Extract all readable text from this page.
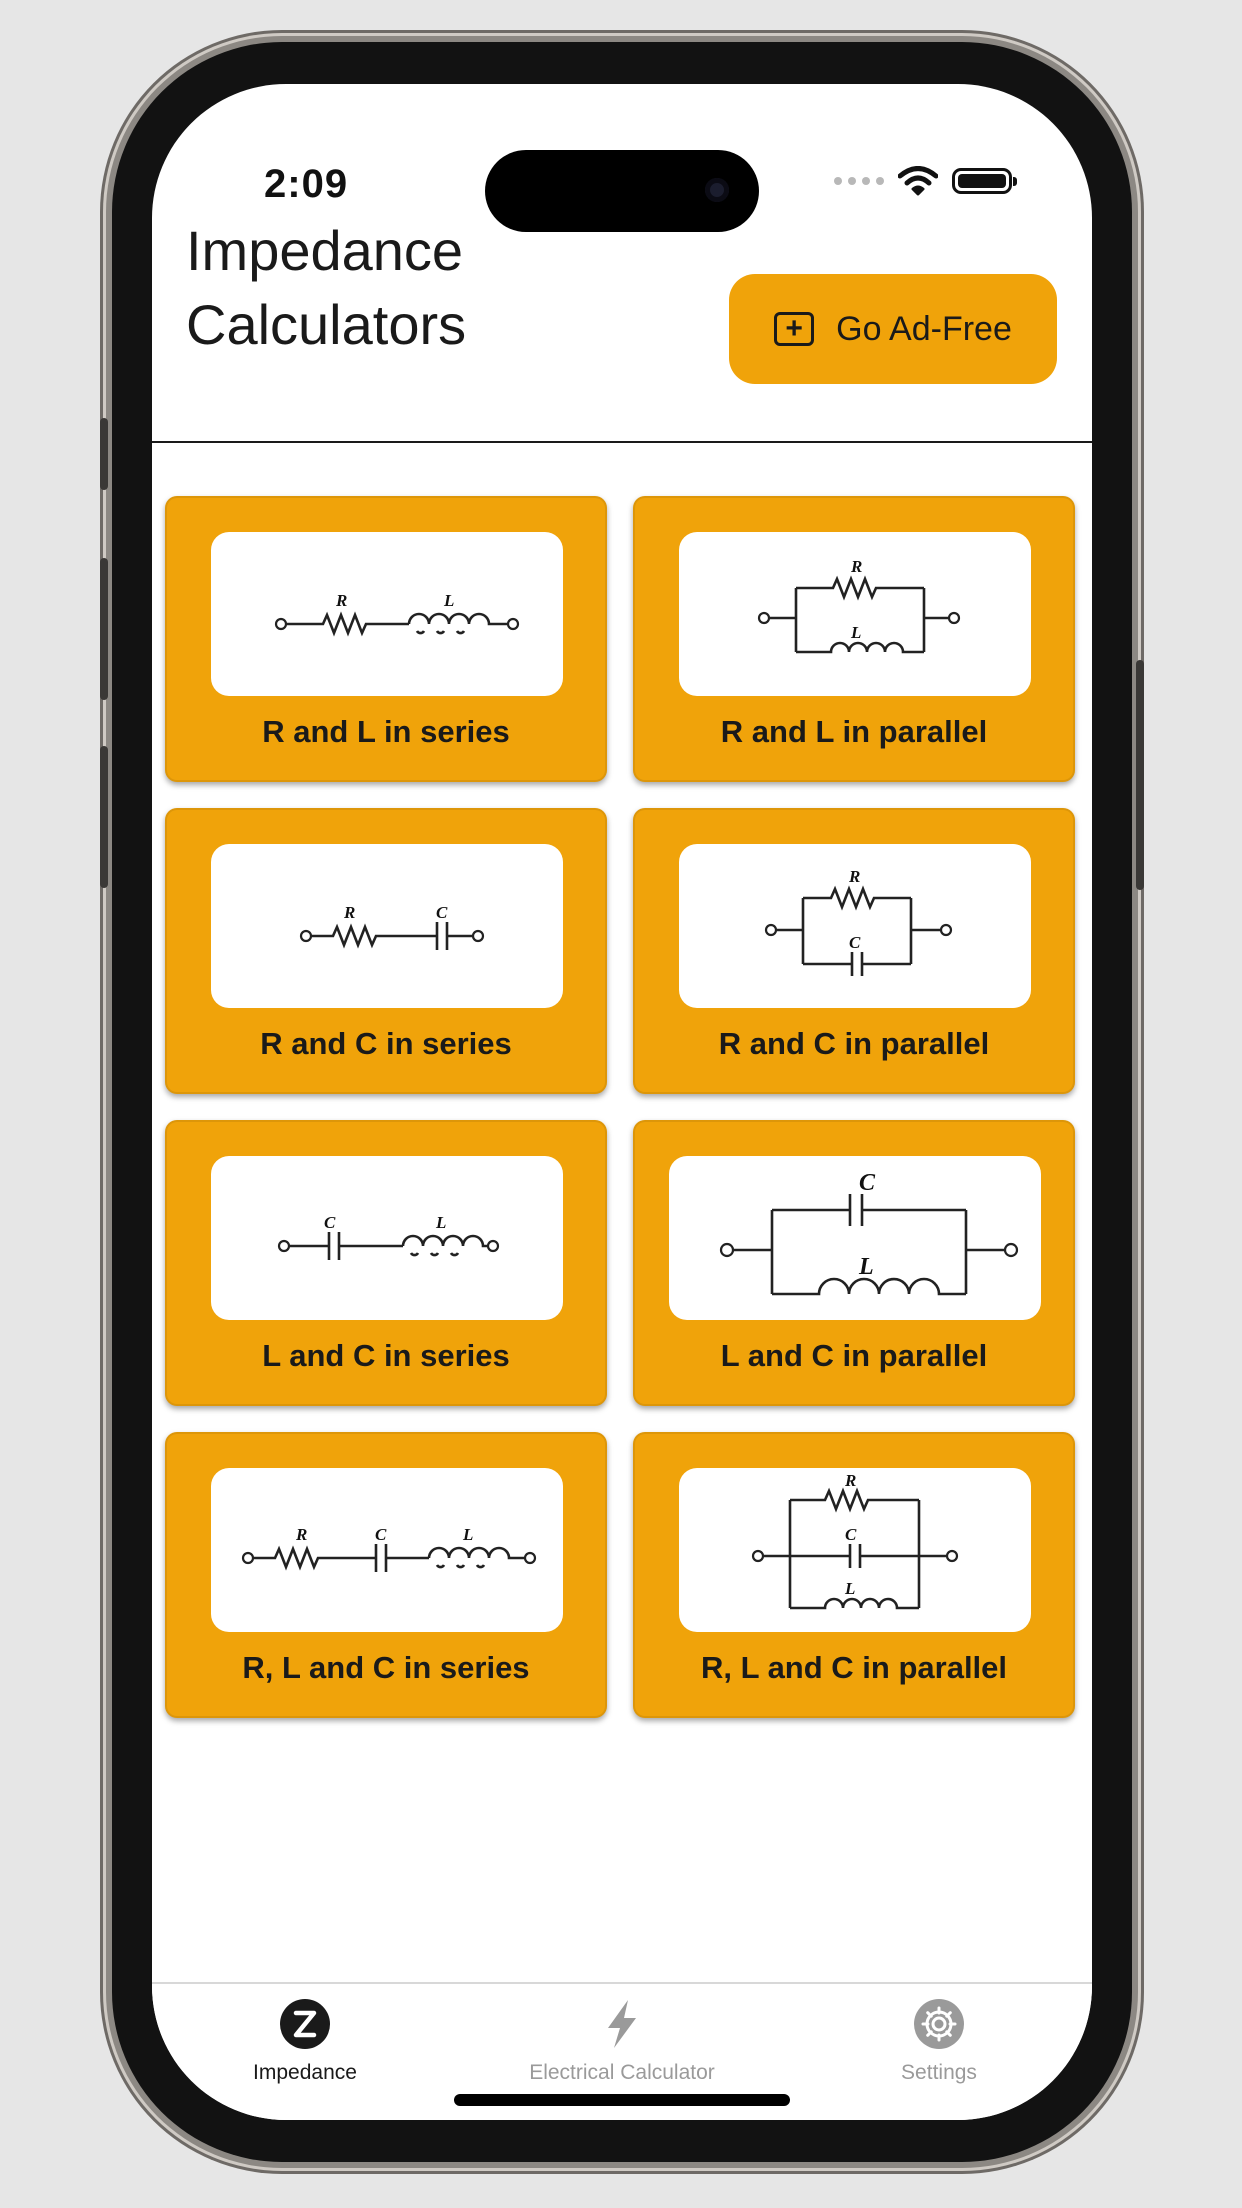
2:09
Impedance
Calculators	+ Go Ad-Free
R	L
R and L in series
R
L
R and L in parallel
R	C
R and C in series
R
C
R and C in parallel
C	L
L and C in series
C
L
L and C in parallel
R	C	L
R, L and C in series
R
C
L
R, L and C in parallel
Impedance	Electrical Calculator	Settings
